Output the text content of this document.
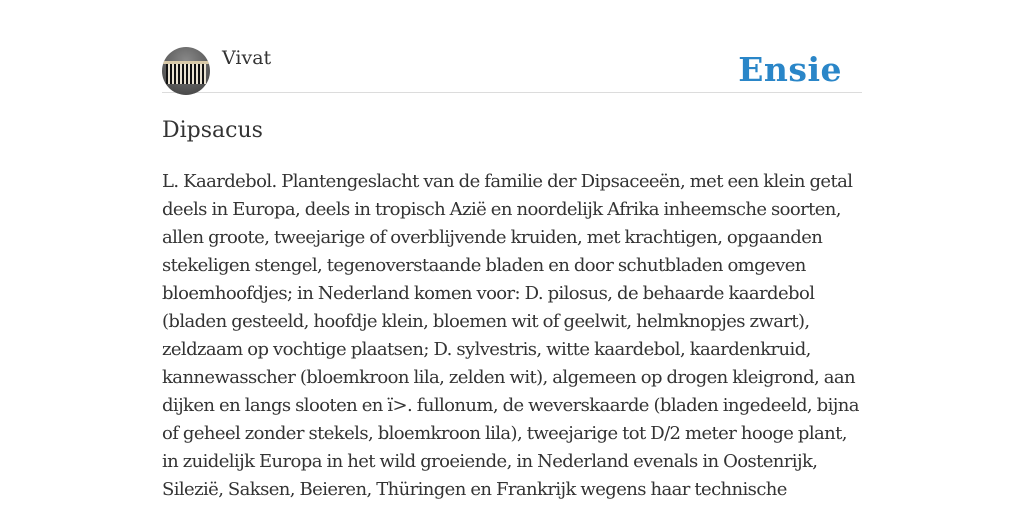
Vivat	Ensie
Dipsacus

L. Kaardebol. Plantengeslacht van de familie der Dipsaceeën, met een klein getal deels in Europa, deels in tropisch Azië en noordelijk Afrika inheemsche soorten, allen groote, tweejarige of overblijvende kruiden, met krachtigen, opgaanden stekeligen stengel, tegenoverstaande bladen en door schutbladen omgeven bloemhoofdjes; in Nederland komen voor: D. pilosus, de behaarde kaardebol (bladen gesteeld, hoofdje klein, bloemen wit of geelwit, helmknopjes zwart), zeldzaam op vochtige plaatsen; D. sylvestris, witte kaardebol, kaardenkruid, kannewasscher (bloemkroon lila, zelden wit), algemeen op drogen kleigrond, aan dijken en langs slooten en ï>. fullonum, de weverskaarde (bladen ingedeeld, bijna of geheel zonder stekels, bloemkroon lila), tweejarige tot D/2 meter hooge plant, in zuidelijk Europa in het wild groeiende, in Nederland evenals in Oostenrijk, Silezië, Saksen, Beieren, Thüringen en Frankrijk wegens haar technische
